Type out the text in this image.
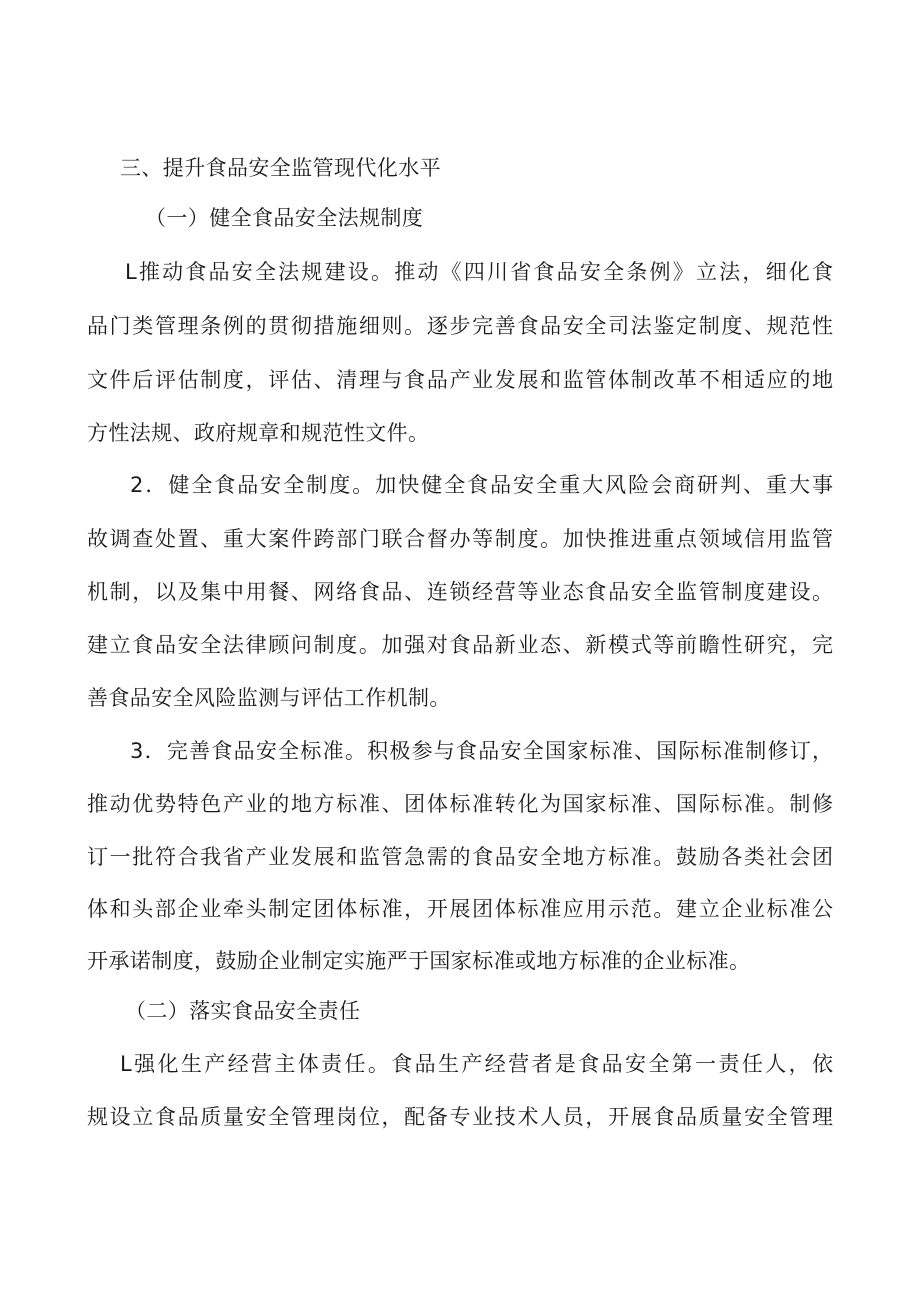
三、提升食品安全监管现代化水平
（一）健全食品安全法规制度
L推动食品安全法规建设。推动《四川省食品安全条例》立法，细化食
品门类管理条例的贯彻措施细则。逐步完善食品安全司法鉴定制度、规范性
文件后评估制度，评估、清理与食品产业发展和监管体制改革不相适应的地
方性法规、政府规章和规范性文件。
2．健全食品安全制度。加快健全食品安全重大风险会商研判、重大事
故调查处置、重大案件跨部门联合督办等制度。加快推进重点领域信用监管
机制，以及集中用餐、网络食品、连锁经营等业态食品安全监管制度建设。
建立食品安全法律顾问制度。加强对食品新业态、新模式等前瞻性研究，完
善食品安全风险监测与评估工作机制。
3．完善食品安全标准。积极参与食品安全国家标准、国际标准制修订，
推动优势特色产业的地方标准、团体标准转化为国家标准、国际标准。制修
订一批符合我省产业发展和监管急需的食品安全地方标准。鼓励各类社会团
体和头部企业牵头制定团体标准，开展团体标准应用示范。建立企业标准公
开承诺制度，鼓励企业制定实施严于国家标准或地方标准的企业标准。
（二）落实食品安全责任
L强化生产经营主体责任。食品生产经营者是食品安全第一责任人，依
规设立食品质量安全管理岗位，配备专业技术人员，开展食品质量安全管理
